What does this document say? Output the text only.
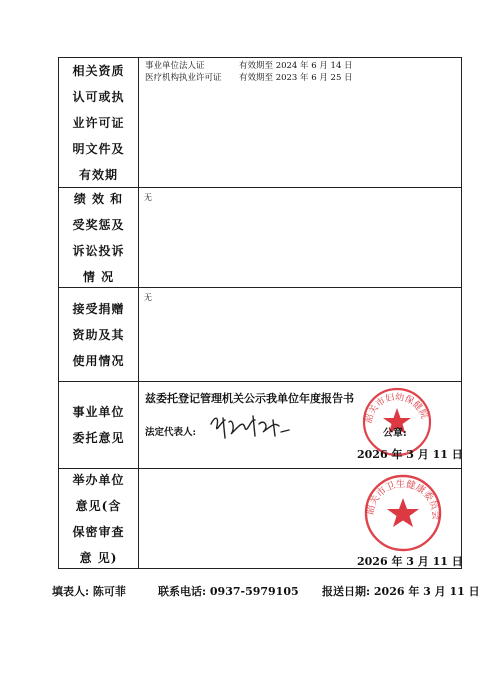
相关资质
认可或执
业许可证
明文件及
有效期
事业单位法人证	有效期至 2024 年 6 月 14 日
医疗机构执业许可证 有效期至 2023 年 6 月 25 日
绩 效 和
受奖惩及
诉讼投诉
情 况
无
接受捐赠
资助及其
使用情况
无
事业单位
委托意见
兹委托登记管理机关公示我单位年度报告书
法定代表人:
韶关市妇幼保健院
公章:
2026 年 3 月 11 日
举办单位
意见(含
保密审查
意 见)
韶关市卫生健康委员会
2026 年 3 月 11 日
填表人: 陈可菲	联系电话: 0937-5979105 报送日期: 2026 年 3 月 11 日
